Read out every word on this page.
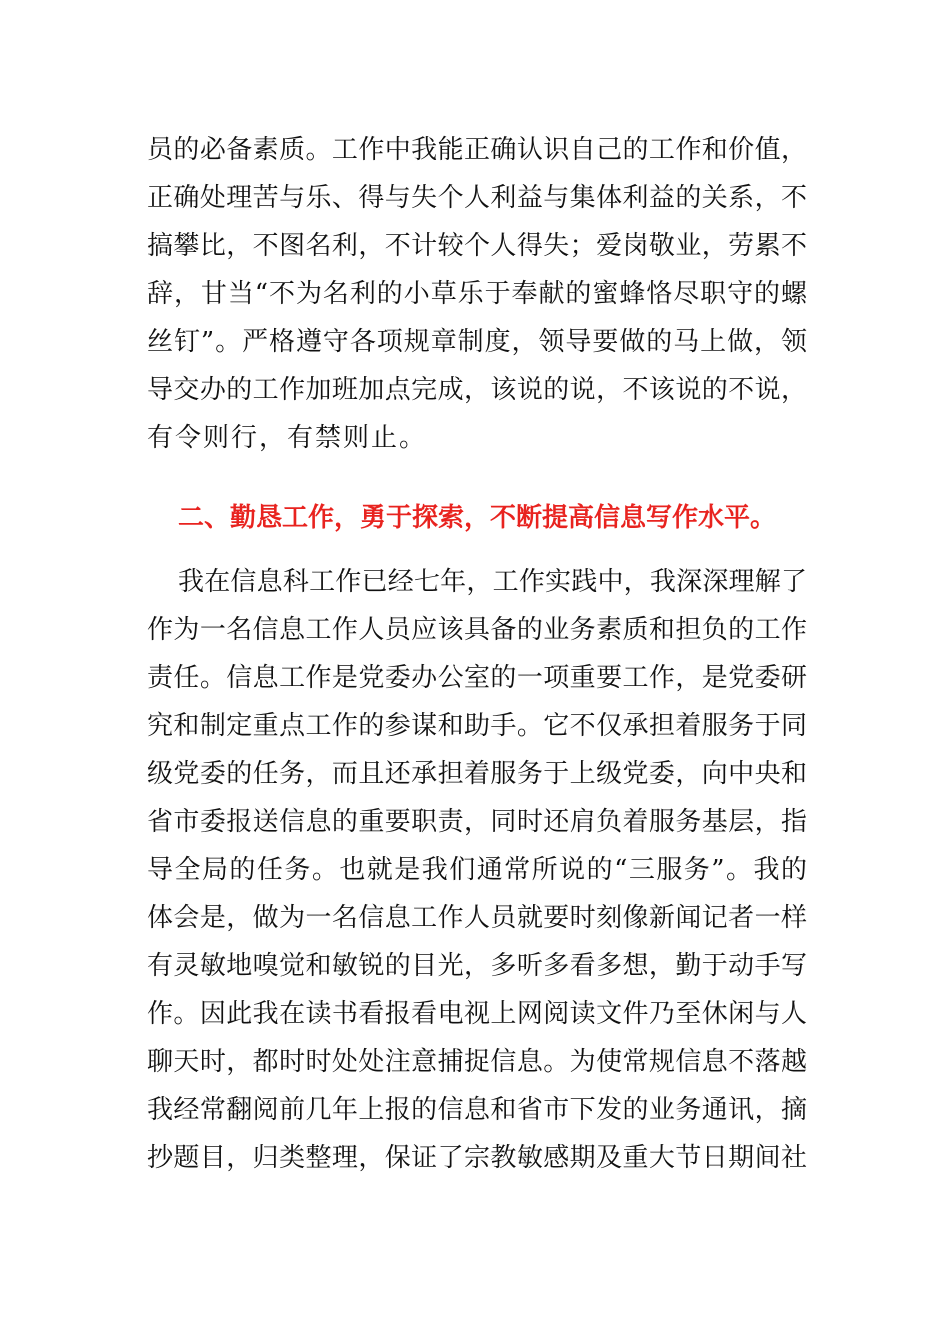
员的必备素质。工作中我能正确认识自己的工作和价值，
正确处理苦与乐、得与失个人利益与集体利益的关系，不
搞攀比，不图名利，不计较个人得失；爱岗敬业，劳累不
辞，甘当“不为名利的小草乐于奉献的蜜蜂恪尽职守的螺
丝钉”。严格遵守各项规章制度，领导要做的马上做，领
导交办的工作加班加点完成，该说的说，不该说的不说，
有令则行，有禁则止。
二、勤恳工作，勇于探索，不断提高信息写作水平。
我在信息科工作已经七年，工作实践中，我深深理解了
作为一名信息工作人员应该具备的业务素质和担负的工作
责任。信息工作是党委办公室的一项重要工作，是党委研
究和制定重点工作的参谋和助手。它不仅承担着服务于同
级党委的任务，而且还承担着服务于上级党委，向中央和
省市委报送信息的重要职责，同时还肩负着服务基层，指
导全局的任务。也就是我们通常所说的“三服务”。我的
体会是，做为一名信息工作人员就要时刻像新闻记者一样
有灵敏地嗅觉和敏锐的目光，多听多看多想，勤于动手写
作。因此我在读书看报看电视上网阅读文件乃至休闲与人
聊天时，都时时处处注意捕捉信息。为使常规信息不落越
我经常翻阅前几年上报的信息和省市下发的业务通讯，摘
抄题目，归类整理，保证了宗教敏感期及重大节日期间社
